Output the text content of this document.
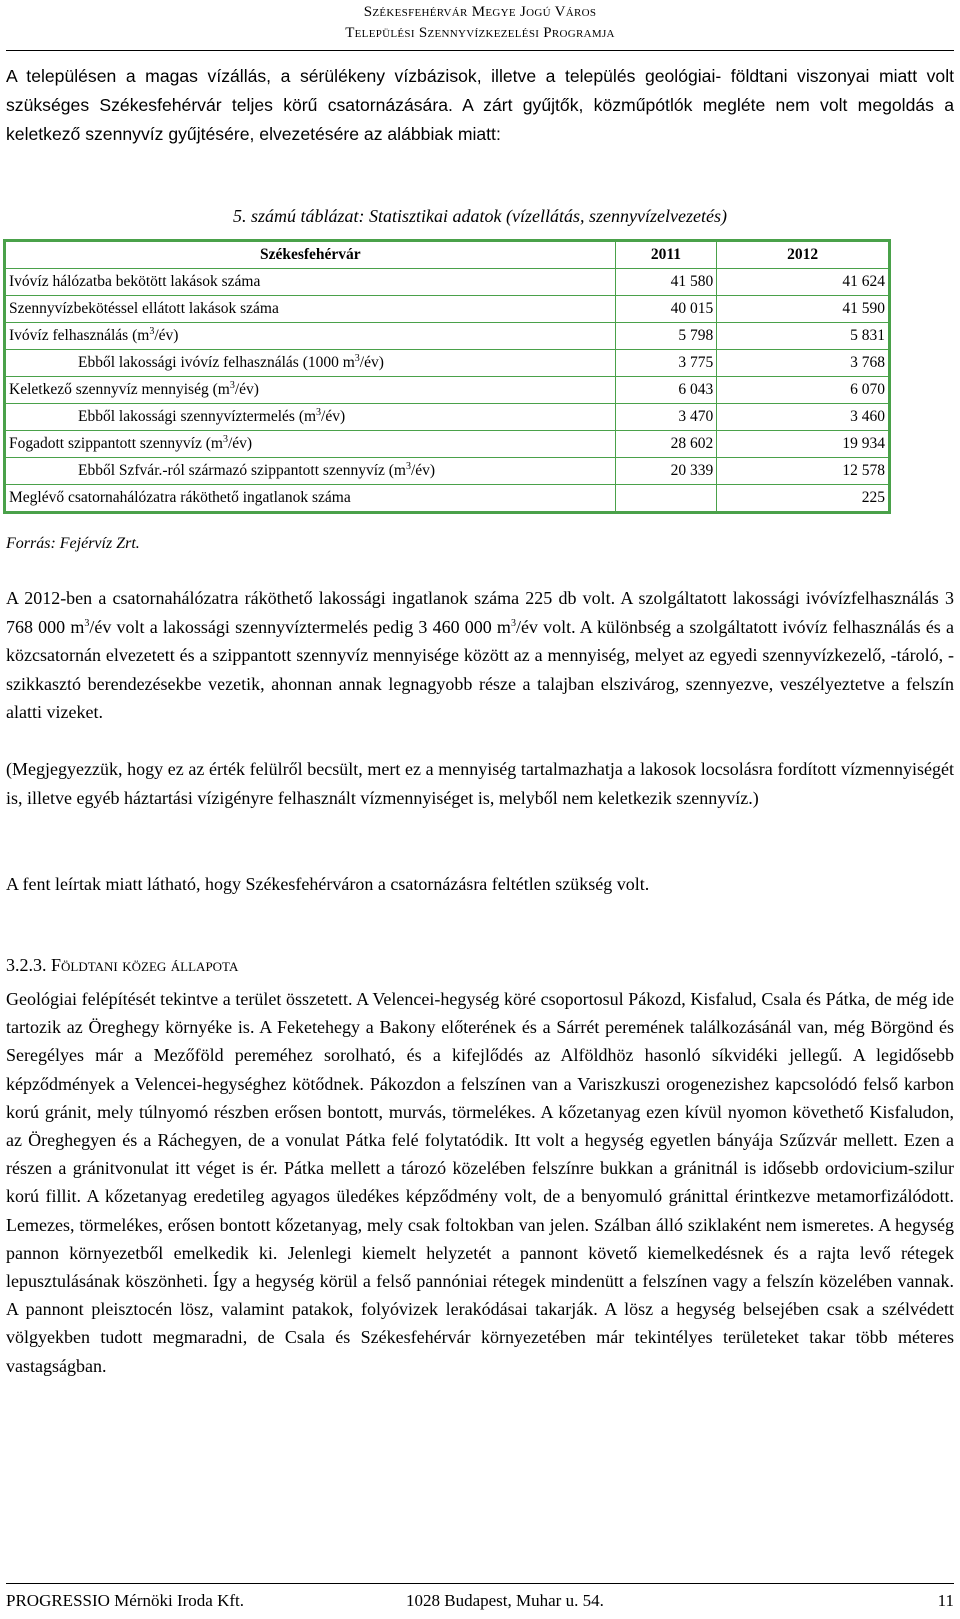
Székesfehérvár Megye Jogú Város
Települési Szennyvízkezelési Programja

A településen a magas vízállás, a sérülékeny vízbázisok, illetve a település geológiai- földtani viszonyai miatt volt szükséges Székesfehérvár teljes körű csatornázására. A zárt gyűjtők, közműpótlók megléte nem volt megoldás a keletkező szennyvíz gyűjtésére, elvezetésére az alábbiak miatt:

5. számú táblázat: Statisztikai adatok (vízellátás, szennyvízelvezetés)
Székesfehérvár	2011	2012
Ivóvíz hálózatba bekötött lakások száma	41 580	41 624
Szennyvízbekötéssel ellátott lakások száma	40 015	41 590
Ivóvíz felhasználás $(m^3/év)$	5 798	5 831
Ebből lakossági ivóvíz felhasználás (1000 $m^3/év$)	3 775	3 768
Keletkező szennyvíz mennyiség $(m^3/év)$	6 043	6 070
Ebből lakossági szennyvíztermelés $(m^3/év)$	3 470	3 460
Fogadott szippantott szennyvíz $(m^3/év)$	28 602	19 934
Ebből Szfvár.-ról származó szippantott szennyvíz $(m^3/év)$	20 339	12 578
Meglévő csatornahálózatra ráköthető ingatlanok száma		225
Forrás: Fejérvíz Zrt.

A 2012-ben a csatornahálózatra ráköthető lakossági ingatlanok száma 225 db volt. A szolgáltatott lakossági ivóvízfelhasználás 3 768 000 $m^3/év$ volt a lakossági szennyvíztermelés pedig 3 460 000 $m^3/év$ volt. A különbség a szolgáltatott ivóvíz felhasználás és a közcsatornán elvezetett és a szippantott szennyvíz mennyisége között az a mennyiség, melyet az egyedi szennyvízkezelő, -tároló, -szikkasztó berendezésekbe vezetik, ahonnan annak legnagyobb része a talajban elszivárog, szennyezve, veszélyeztetve a felszín alatti vizeket.

(Megjegyezzük, hogy ez az érték felülről becsült, mert ez a mennyiség tartalmazhatja a lakosok locsolásra fordított vízmennyiségét is, illetve egyéb háztartási vízigényre felhasznált vízmennyiséget is, melyből nem keletkezik szennyvíz.)

A fent leírtak miatt látható, hogy Székesfehérváron a csatornázásra feltétlen szükség volt.

3.2.3. Földtani közeg állapota

Geológiai felépítését tekintve a terület összetett. A Velencei-hegység köré csoportosul Pákozd, Kisfalud, Csala és Pátka, de még ide tartozik az Öreghegy környéke is. A Feketehegy a Bakony előterének és a Sárrét peremének találkozásánál van, még Börgönd és Seregélyes már a Mezőföld pereméhez sorolható, és a kifejlődés az Alföldhöz hasonló síkvidéki jellegű. A legidősebb képződmények a Velencei-hegységhez kötődnek. Pákozdon a felszínen van a Variszkuszi orogenezishez kapcsolódó felső karbon korú gránit, mely túlnyomó részben erősen bontott, murvás, törmelékes. A kőzetanyag ezen kívül nyomon követhető Kisfaludon, az Öreghegyen és a Ráchegyen, de a vonulat Pátka felé folytatódik. Itt volt a hegység egyetlen bányája Szűzvár mellett. Ezen a részen a gránitvonulat itt véget is ér. Pátka mellett a tározó közelében felszínre bukkan a gránitnál is idősebb ordovicium-szilur korú fillit. A kőzetanyag eredetileg agyagos üledékes képződmény volt, de a benyomuló gránittal érintkezve metamorfizálódott. Lemezes, törmelékes, erősen bontott kőzetanyag, mely csak foltokban van jelen. Szálban álló sziklaként nem ismeretes. A hegység pannon környezetből emelkedik ki. Jelenlegi kiemelt helyzetét a pannont követő kiemelkedésnek és a rajta levő rétegek lepusztulásának köszönheti. Így a hegység körül a felső pannóniai rétegek mindenütt a felszínen vagy a felszín közelében vannak. A pannont pleisztocén lösz, valamint patakok, folyóvizek lerakódásai takarják. A lösz a hegység belsejében csak a szélvédett völgyekben tudott megmaradni, de Csala és Székesfehérvár környezetében már tekintélyes területeket takar több méteres vastagságban.

PROGRESSIO Mérnöki Iroda Kft.	1028 Budapest, Muhar u. 54.	11
